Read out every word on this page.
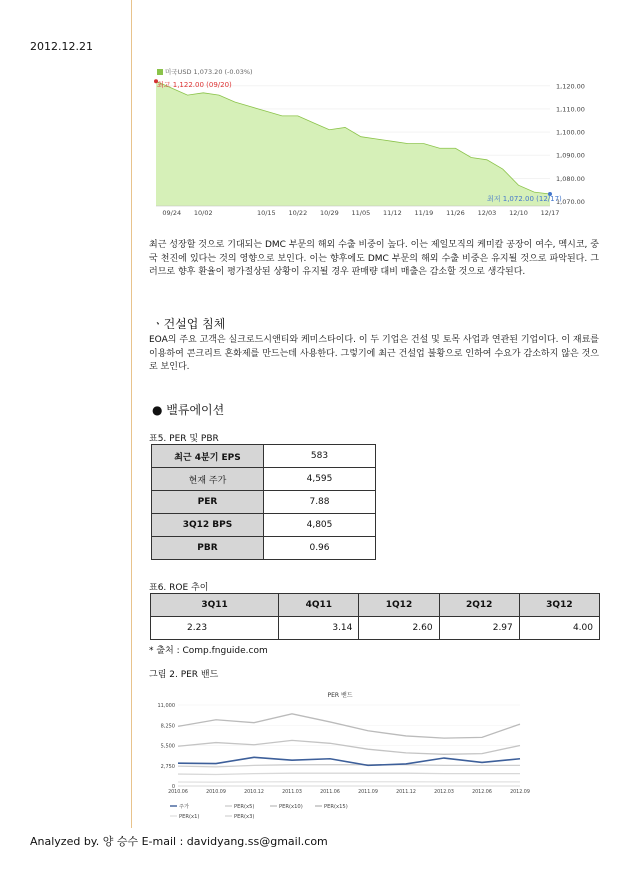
2012.12.21
1,070.00
1,080.00
1,090.00
1,100.00
1,110.00
1,120.00
09/24 10/02	10/15 10/22 10/29 11/05 11/12 11/19 11/26 12/03 12/10 12/17
미국USD 1,073.20 (-0.03%)
최고 1,122.00 (09/20)
최저 1,072.00 (12/17)
최근 성장할 것으로 기대되는 DMC 부문의 해외 수출 비중이 높다. 이는 제일모직의 케미칼 공장이 여수, 멕시코, 중국 천진에 있다는 것의 영향으로 보인다. 이는 향후에도 DMC 부문의 해외 수출 비중은 유지될 것으로 파악된다. 그러므로 향후 환율이 평가절상된 상황이 유지될 경우 판매량 대비 매출은 감소할 것으로 생각된다.
ㆍ건설업 침체
EOA의 주요 고객은 실크로드시앤티와 케미스타이다. 이 두 기업은 건설 및 토목 사업과 연관된 기업이다. 이 재료를 이용하여 콘크리트 혼화제를 만드는데 사용한다. 그렇기에 최근 건설업 불황으로 인하여 수요가 감소하지 않은 것으로 보인다.
● 밸류에이션
표5. PER 및 PBR
최근 4분기 EPS	583
현재 주가	4,595
PER	7.88
3Q12 BPS	4,805
PBR	0.96
표6. ROE 추이
3Q11	4Q11	1Q12	2Q12	3Q12
2.23	3.14	2.60	2.97	4.00
* 출처 : Comp.fnguide.com
그림 2. PER 밴드
PER 밴드
0
2,750
5,500
8,250
11,000
2010.06	2010.09	2010.12	2011.03	2011.06	2011.09	2011.12	2012.03	2012.06	2012.09
주가	PER(x5)	PER(x10)	PER(x15)
PER(x1)	PER(x3)
Analyzed by. 양 승수 E-mail : davidyang.ss@gmail.com
